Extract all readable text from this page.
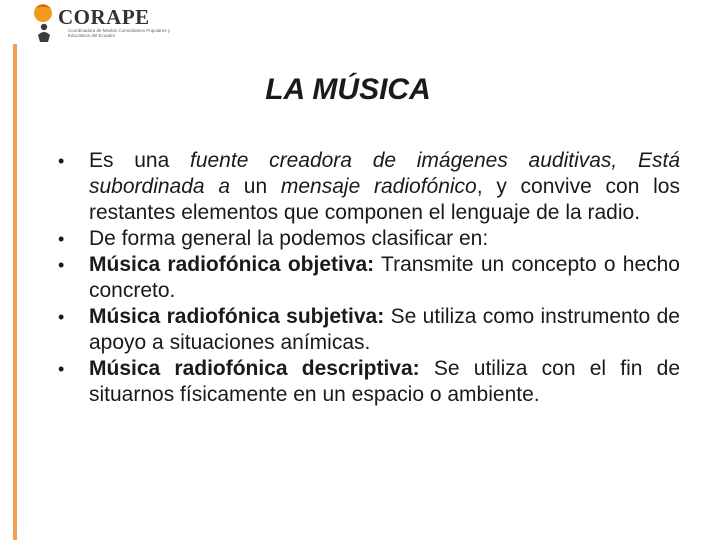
CORAPE
Coordinadora de Medios Comunitarios Populares y Educativos del Ecuador
LA MÚSICA
• Es una fuente creadora de imágenes auditivas, Está subordinada a un mensaje radiofónico, y convive con los restantes elementos que componen el lenguaje de la radio.
• De forma general la podemos clasificar en:
• Música radiofónica objetiva: Transmite un concepto o hecho concreto.
• Música radiofónica subjetiva: Se utiliza como instrumento de apoyo a situaciones anímicas.
• Música radiofónica descriptiva: Se utiliza con el fin de situarnos físicamente en un espacio o ambiente.
